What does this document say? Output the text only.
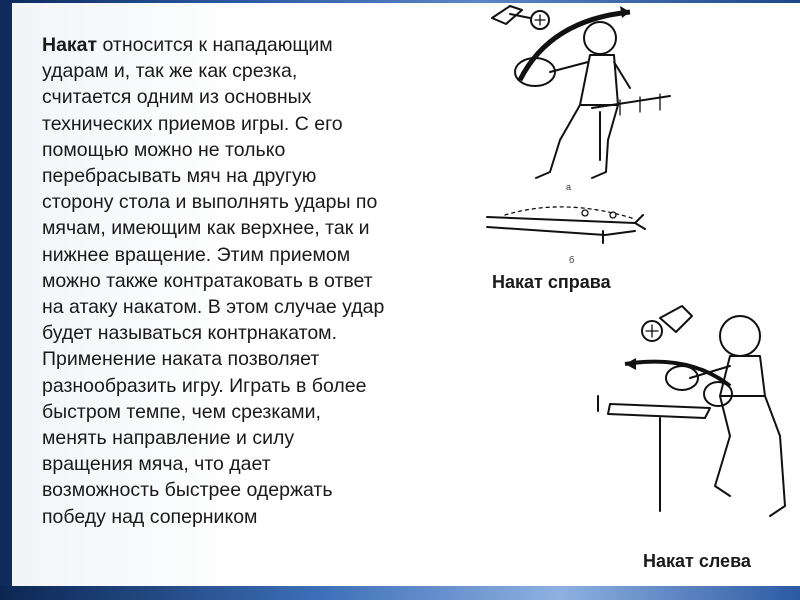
Накат относится к нападающим
ударам и, так же как срезка,
считается одним из основных
технических приемов игры. С его
помощью можно не только
перебрасывать мяч на другую
сторону стола и выполнять удары по
мячам, имеющим как верхнее, так и
нижнее вращение. Этим приемом
можно также контратаковать в ответ
на атаку накатом. В этом случае удар
будет называться контрнакатом.
Применение наката позволяет
разнообразить игру. Играть в более
быстром темпе, чем срезками,
менять направление и силу
вращения мяча, что дает
возможность быстрее одержать
победу над соперником

а
б
Накат справа
Накат слева
